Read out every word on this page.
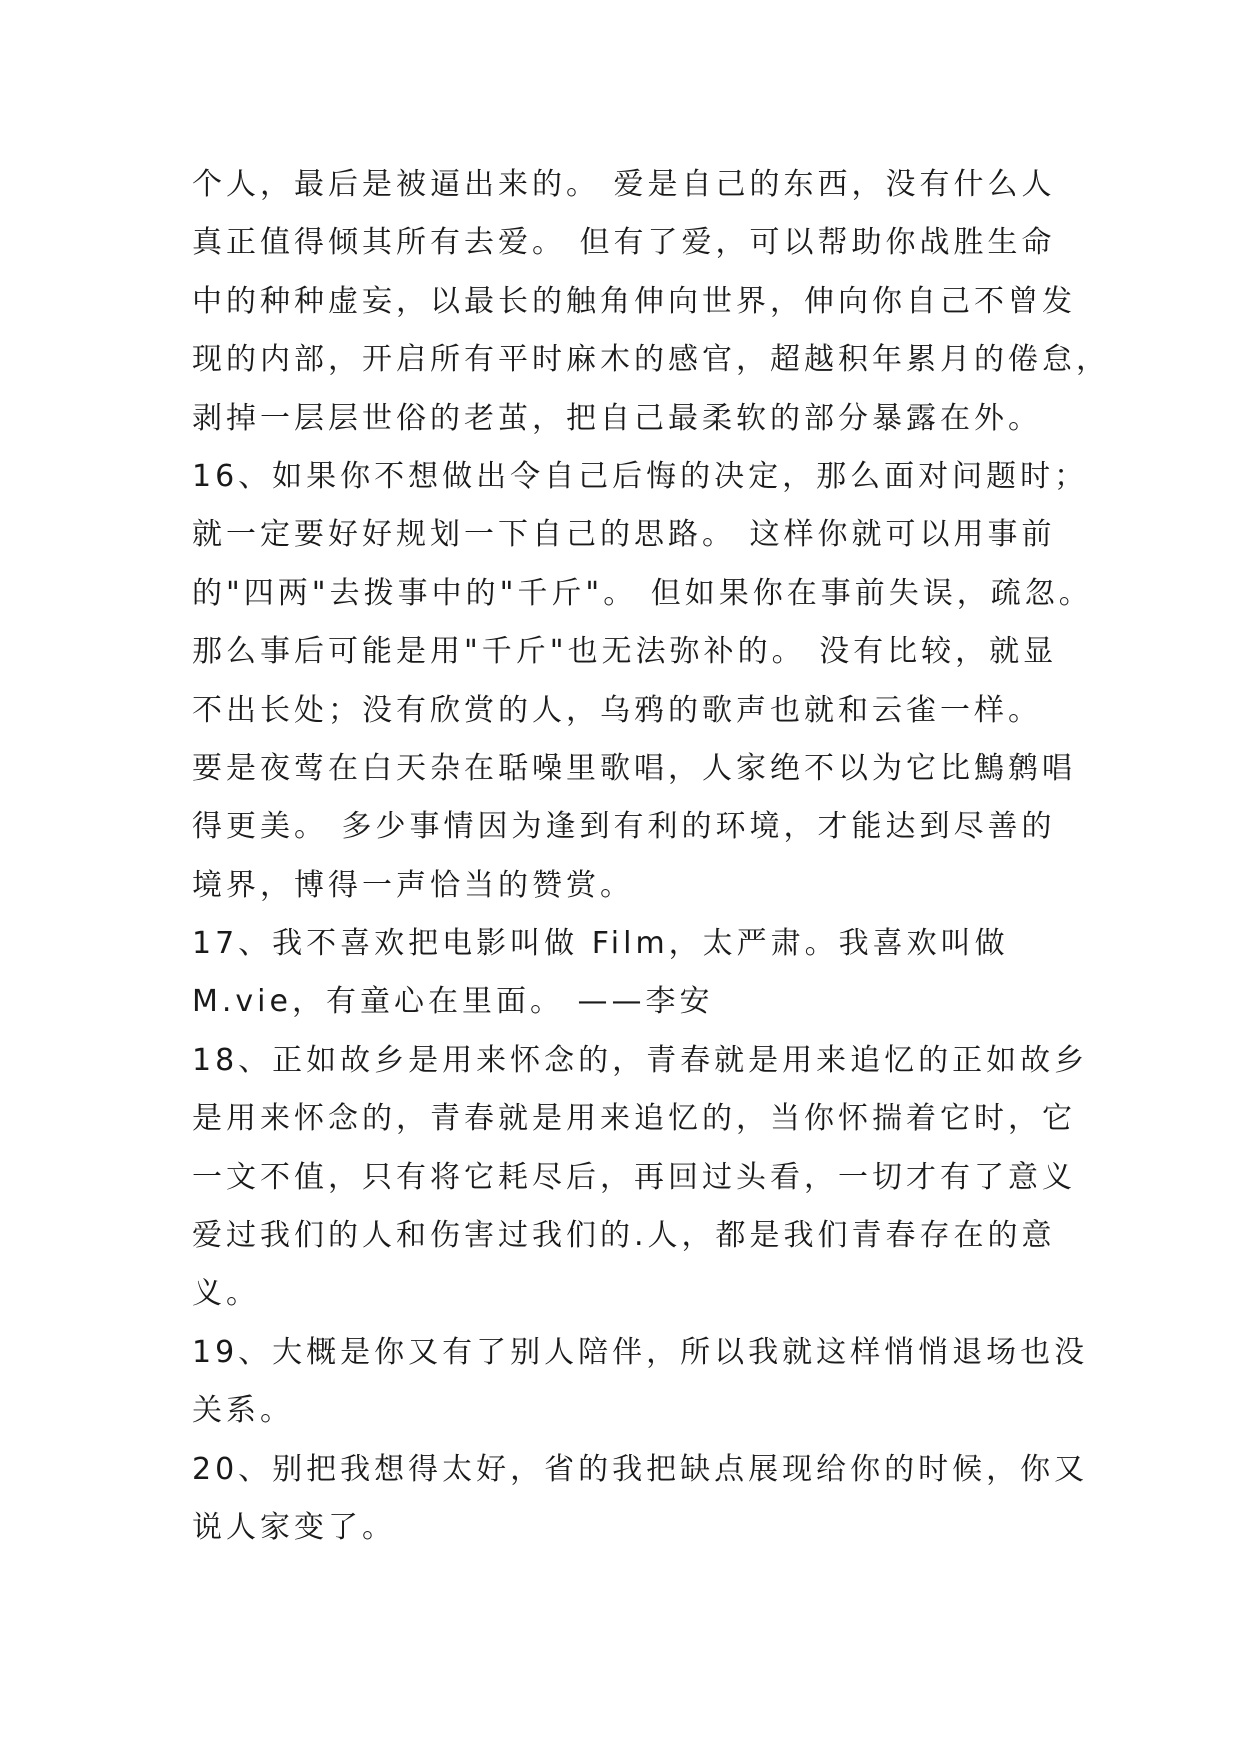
个人，最后是被逼出来的。 爱是自己的东西，没有什么人
真正值得倾其所有去爱。 但有了爱，可以帮助你战胜生命
中的种种虚妄，以最长的触角伸向世界，伸向你自己不曾发
现的内部，开启所有平时麻木的感官，超越积年累月的倦怠，
剥掉一层层世俗的老茧，把自己最柔软的部分暴露在外。
16、如果你不想做出令自己后悔的决定，那么面对问题时；
就一定要好好规划一下自己的思路。 这样你就可以用事前
的"四两"去拨事中的"千斤"。 但如果你在事前失误，疏忽。
那么事后可能是用"千斤"也无法弥补的。 没有比较，就显
不出长处；没有欣赏的人，乌鸦的歌声也就和云雀一样。
要是夜莺在白天杂在聒噪里歌唱，人家绝不以为它比鷦鹩唱
得更美。 多少事情因为逢到有利的环境，才能达到尽善的
境界，博得一声恰当的赞赏。
17、我不喜欢把电影叫做 Film，太严肃。我喜欢叫做
M.vie，有童心在里面。 ——李安
18、正如故乡是用来怀念的，青春就是用来追忆的正如故乡
是用来怀念的，青春就是用来追忆的，当你怀揣着它时，它
一文不值，只有将它耗尽后，再回过头看，一切才有了意义
爱过我们的人和伤害过我们的.人，都是我们青春存在的意
义。
19、大概是你又有了别人陪伴，所以我就这样悄悄退场也没
关系。
20、别把我想得太好，省的我把缺点展现给你的时候，你又
说人家变了。
